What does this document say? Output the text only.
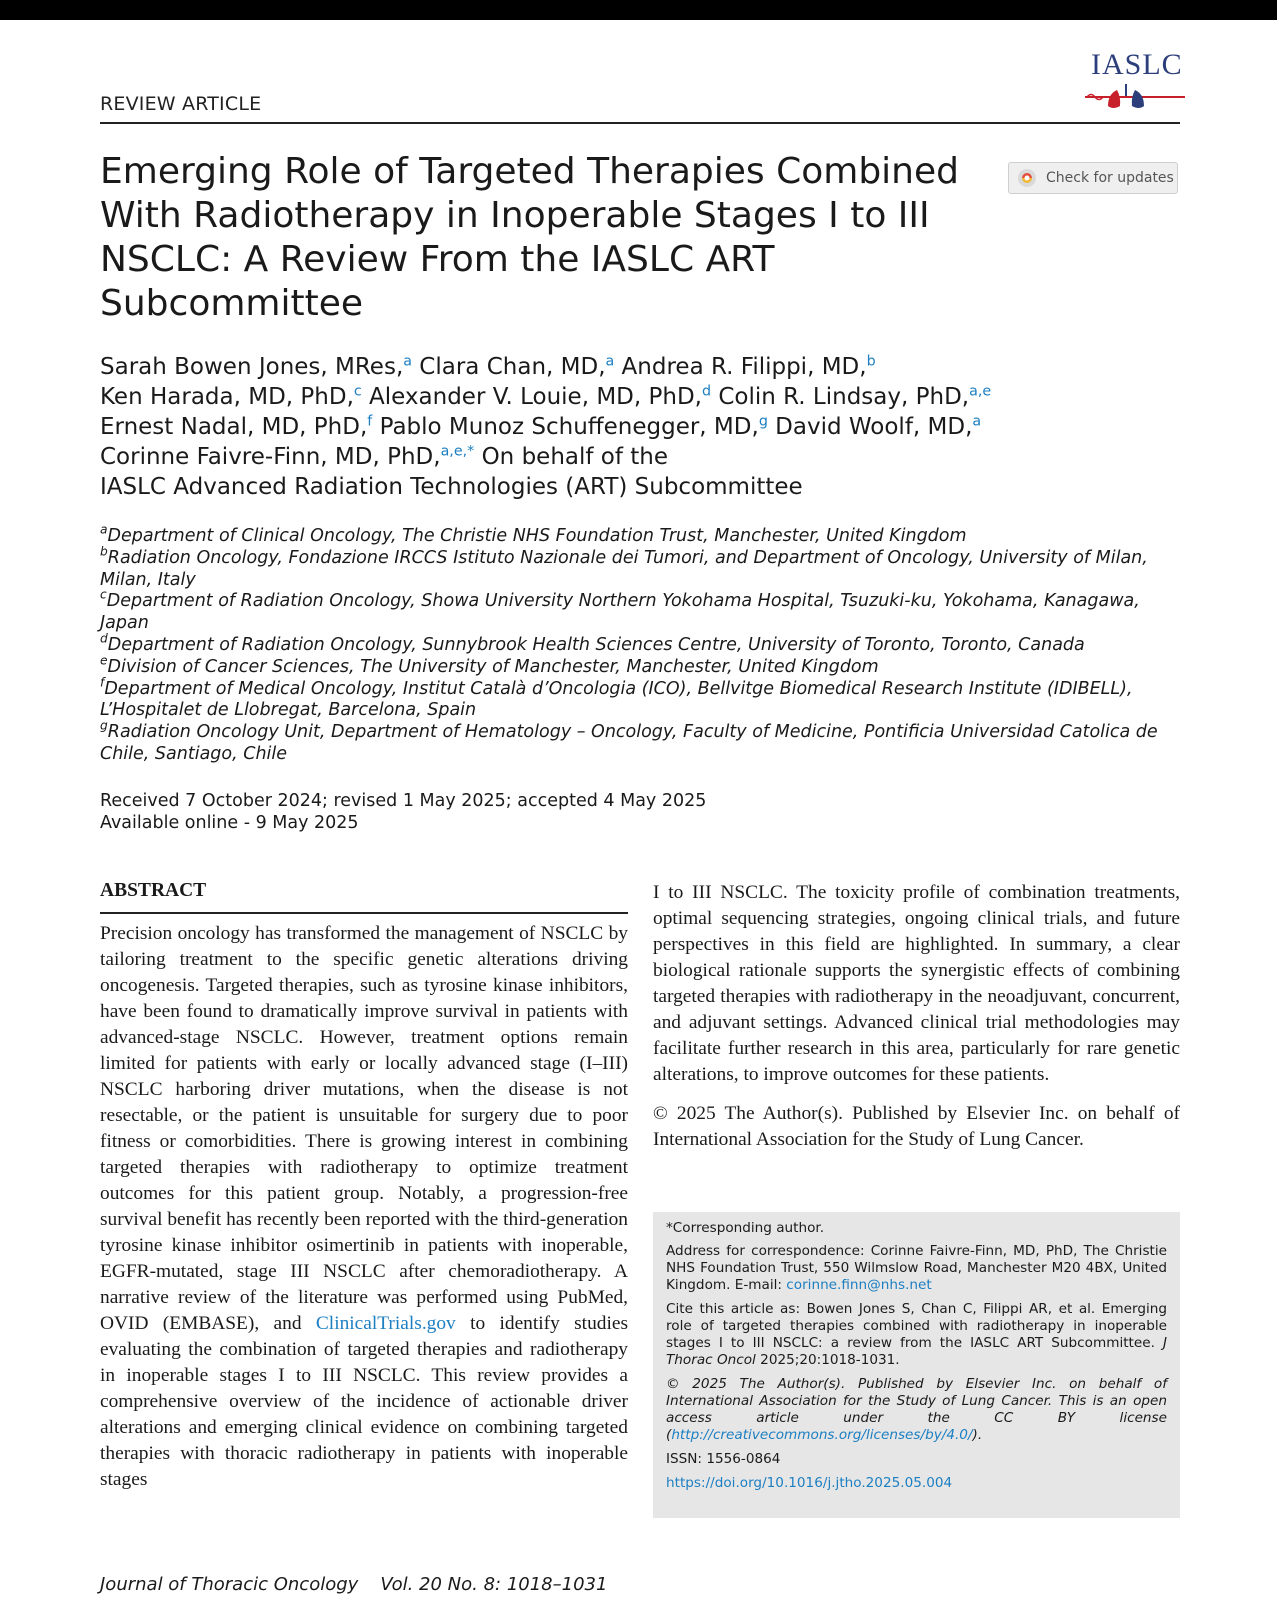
REVIEW ARTICLE
IASLC
Emerging Role of Targeted Therapies Combined With Radiotherapy in Inoperable Stages I to III NSCLC: A Review From the IASLC ART Subcommittee
Check for updates
Sarah Bowen Jones, MRes,$^a$ Clara Chan, MD,$^a$ Andrea R. Filippi, MD,$^b$
Ken Harada, MD, PhD,$^c$ Alexander V. Louie, MD, PhD,$^d$ Colin R. Lindsay, PhD,$^{a,e}$
Ernest Nadal, MD, PhD,$^f$ Pablo Munoz Schuffenegger, MD,$^g$ David Woolf, MD,$^a$
Corinne Faivre-Finn, MD, PhD,$^{a,e,*}$ On behalf of the
IASLC Advanced Radiation Technologies (ART) Subcommittee
$^a$Department of Clinical Oncology, The Christie NHS Foundation Trust, Manchester, United Kingdom
$^b$Radiation Oncology, Fondazione IRCCS Istituto Nazionale dei Tumori, and Department of Oncology, University of Milan,
Milan, Italy
$^c$Department of Radiation Oncology, Showa University Northern Yokohama Hospital, Tsuzuki-ku, Yokohama, Kanagawa,
Japan
$^d$Department of Radiation Oncology, Sunnybrook Health Sciences Centre, University of Toronto, Toronto, Canada
$^e$Division of Cancer Sciences, The University of Manchester, Manchester, United Kingdom
$^f$Department of Medical Oncology, Institut Català d’Oncologia (ICO), Bellvitge Biomedical Research Institute (IDIBELL),
L’Hospitalet de Llobregat, Barcelona, Spain
$^g$Radiation Oncology Unit, Department of Hematology – Oncology, Faculty of Medicine, Pontificia Universidad Catolica de
Chile, Santiago, Chile
Received 7 October 2024; revised 1 May 2025; accepted 4 May 2025
Available online - 9 May 2025
ABSTRACT

Precision oncology has transformed the management of NSCLC by tailoring treatment to the specific genetic alterations driving oncogenesis. Targeted therapies, such as tyrosine kinase inhibitors, have been found to dramatically improve survival in patients with advanced-stage NSCLC. However, treatment options remain limited for patients with early or locally advanced stage (I–III) NSCLC harboring driver mutations, when the disease is not resectable, or the patient is unsuitable for surgery due to poor fitness or comorbidities. There is growing interest in combining targeted therapies with radiotherapy to optimize treatment outcomes for this patient group. Notably, a progression-free survival benefit has recently been reported with the third-generation tyrosine kinase inhibitor osimertinib in patients with inoperable, EGFR-mutated, stage III NSCLC after chemoradiotherapy. A narrative review of the literature was performed using PubMed, OVID (EMBASE), and ClinicalTrials.gov to identify studies evaluating the combination of targeted therapies and radiotherapy in inoperable stages I to III NSCLC. This review provides a comprehensive overview of the incidence of actionable driver alterations and emerging clinical evidence on combining targeted therapies with thoracic radiotherapy in patients with inoperable stages

I to III NSCLC. The toxicity profile of combination treatments, optimal sequencing strategies, ongoing clinical trials, and future perspectives in this field are highlighted. In summary, a clear biological rationale supports the synergistic effects of combining targeted therapies with radiotherapy in the neoadjuvant, concurrent, and adjuvant settings. Advanced clinical trial methodologies may facilitate further research in this area, particularly for rare genetic alterations, to improve outcomes for these patients.

© 2025 The Author(s). Published by Elsevier Inc. on behalf of International Association for the Study of Lung Cancer.

*Corresponding author.

Address for correspondence: Corinne Faivre-Finn, MD, PhD, The Christie NHS Foundation Trust, 550 Wilmslow Road, Manchester M20 4BX, United Kingdom. E-mail: corinne.finn@nhs.net

Cite this article as: Bowen Jones S, Chan C, Filippi AR, et al. Emerging role of targeted therapies combined with radiotherapy in inoperable stages I to III NSCLC: a review from the IASLC ART Subcommittee. J Thorac Oncol 2025;20:1018-1031.

© 2025 The Author(s). Published by Elsevier Inc. on behalf of International Association for the Study of Lung Cancer. This is an open access article under the CC BY license (http://creativecommons.org/licenses/by/4.0/).

ISSN: 1556-0864

https://doi.org/10.1016/j.jtho.2025.05.004

Journal of Thoracic Oncology Vol. 20 No. 8: 1018–1031
